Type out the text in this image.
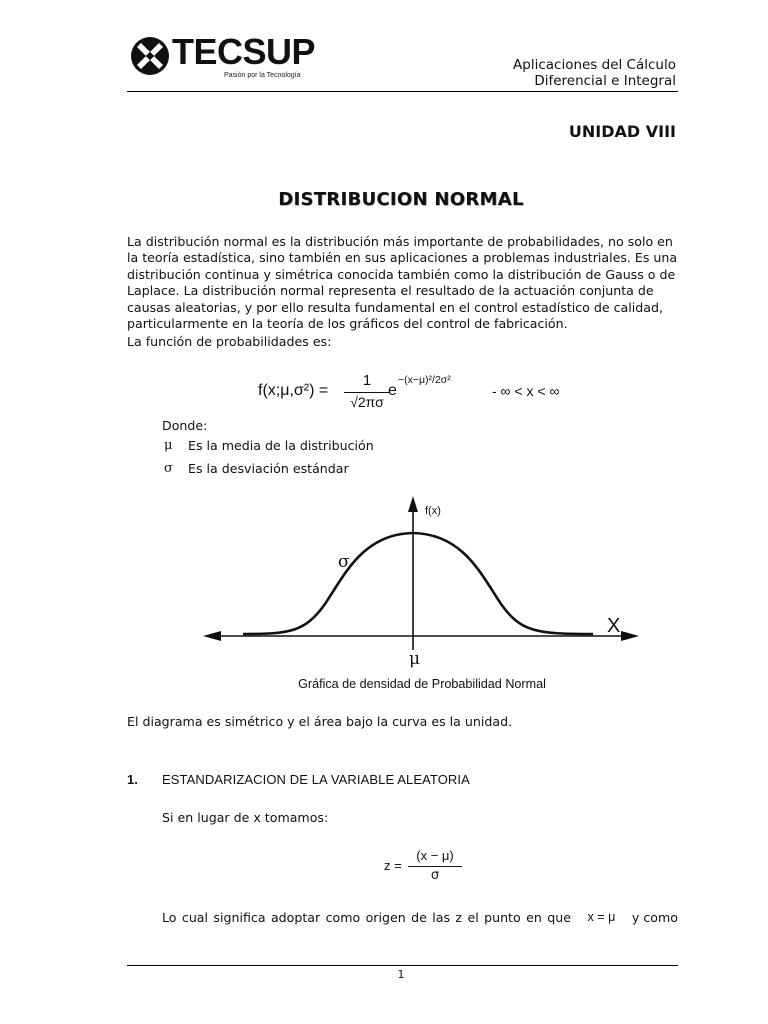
TECSUP
Pasión por la Tecnología
Aplicaciones del Cálculo
Diferencial e Integral
UNIDAD VIII
DISTRIBUCION NORMAL
La distribución normal es la distribución más importante de probabilidades, no solo en
la teoría estadística, sino también en sus aplicaciones a problemas industriales. Es una
distribución continua y simétrica conocida también como la distribución de Gauss o de
Laplace. La distribución normal representa el resultado de la actuación conjunta de
causas aleatorias, y por ello resulta fundamental en el control estadístico de calidad,
particularmente en la teoría de los gráficos del control de fabricación.
La función de probabilidades es:
f(x;μ,σ²) =
1
√2πσ
e
−(x−μ)²/2σ²
- ∞ < x < ∞
Donde:
μ Es la media de la distribución
σ Es la desviación estándar
f(x)
X
σ
μ
Gráfica de densidad de Probabilidad Normal
El diagrama es simétrico y el área bajo la curva es la unidad.
1. ESTANDARIZACION DE LA VARIABLE ALEATORIA
Si en lugar de x tomamos:
z =
(x − μ)
σ
Lo cual significa adoptar como origen de las z el punto en que x = μ y como
1
